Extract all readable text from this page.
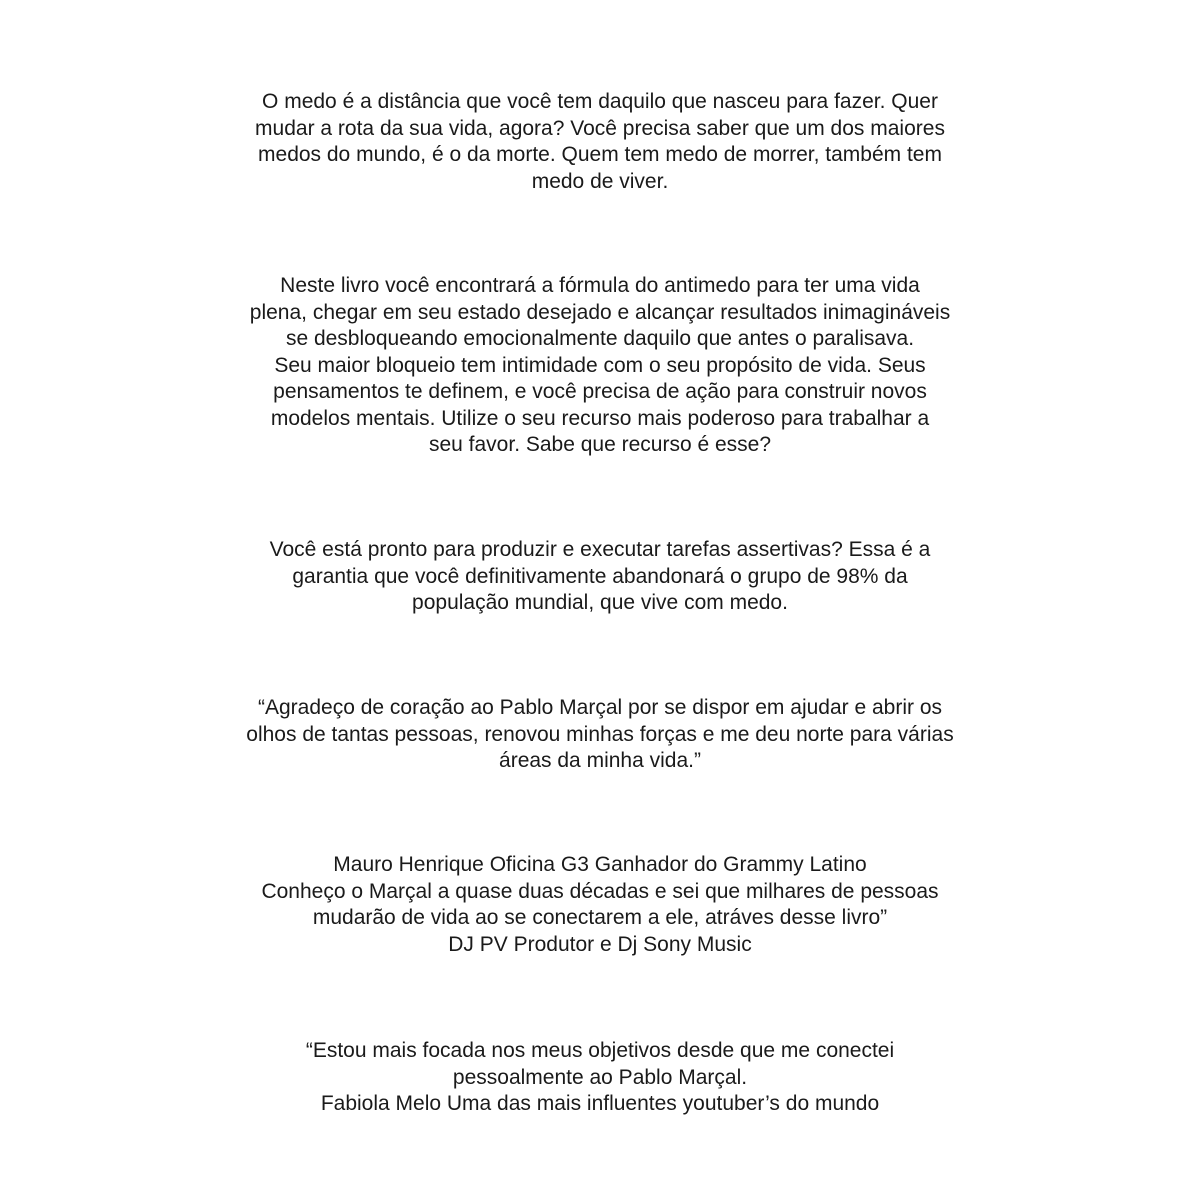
O medo é a distância que você tem daquilo que nasceu para fazer. Quer
mudar a rota da sua vida, agora? Você precisa saber que um dos maiores
medos do mundo, é o da morte. Quem tem medo de morrer, também tem
medo de viver.
Neste livro você encontrará a fórmula do antimedo para ter uma vida
plena, chegar em seu estado desejado e alcançar resultados inimagináveis
se desbloqueando emocionalmente daquilo que antes o paralisava.
Seu maior bloqueio tem intimidade com o seu propósito de vida. Seus
pensamentos te definem, e você precisa de ação para construir novos
modelos mentais. Utilize o seu recurso mais poderoso para trabalhar a
seu favor. Sabe que recurso é esse?
Você está pronto para produzir e executar tarefas assertivas? Essa é a
garantia que você definitivamente abandonará o grupo de 98% da
população mundial, que vive com medo.
“Agradeço de coração ao Pablo Marçal por se dispor em ajudar e abrir os
olhos de tantas pessoas, renovou minhas forças e me deu norte para várias
áreas da minha vida.”
Mauro Henrique Oficina G3 Ganhador do Grammy Latino
Conheço o Marçal a quase duas décadas e sei que milhares de pessoas
mudarão de vida ao se conectarem a ele, atráves desse livro”
DJ PV Produtor e Dj Sony Music
“Estou mais focada nos meus objetivos desde que me conectei
pessoalmente ao Pablo Marçal.
Fabiola Melo Uma das mais influentes youtuber’s do mundo
